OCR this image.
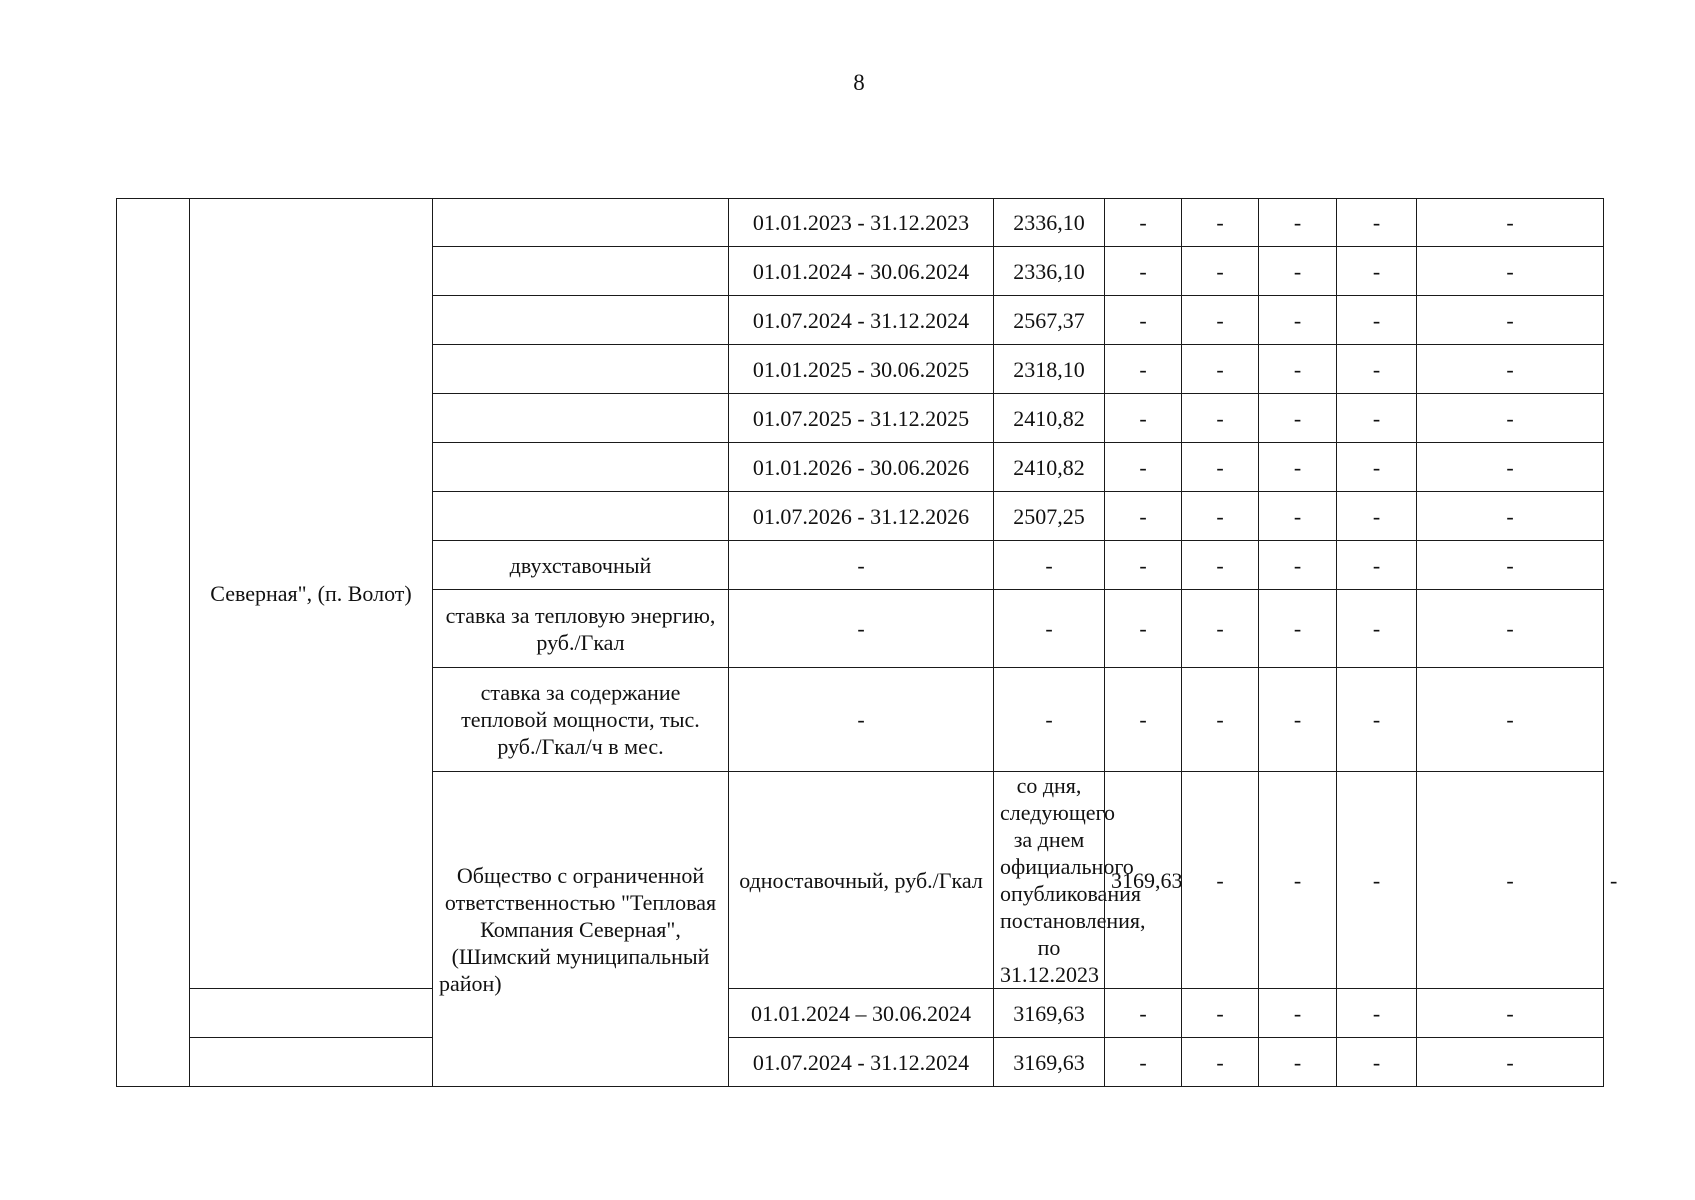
8
	Северная", (п. Волот)		01.01.2023 - 31.12.2023	2336,10	-	-	-	-	-	
			01.01.2024 - 30.06.2024	2336,10	-	-	-	-	-	
			01.07.2024 - 31.12.2024	2567,37	-	-	-	-	-	
			01.01.2025 - 30.06.2025	2318,10	-	-	-	-	-	
			01.07.2025 - 31.12.2025	2410,82	-	-	-	-	-	
			01.01.2026 - 30.06.2026	2410,82	-	-	-	-	-	
			01.07.2026 - 31.12.2026	2507,25	-	-	-	-	-	
		двухставочный	-	-	-	-	-	-	-	
		ставка за тепловую энергию, руб./Гкал	-	-	-	-	-	-	-	
		ставка за содержание тепловой мощности, тыс. руб./Гкал/ч в мес.	-	-	-	-	-	-	-	
		Общество с ограниченной ответственностью "Тепловая Компания Северная", (Шимский муниципальный район)	одноставочный, руб./Гкал	со дня, следующего за днем официального опубликования постановления, по 31.12.2023	3169,63	-	-	-	-	-
			01.01.2024 – 30.06.2024	3169,63	-	-	-	-	-	
			01.07.2024 - 31.12.2024	3169,63	-	-	-	-	-	
